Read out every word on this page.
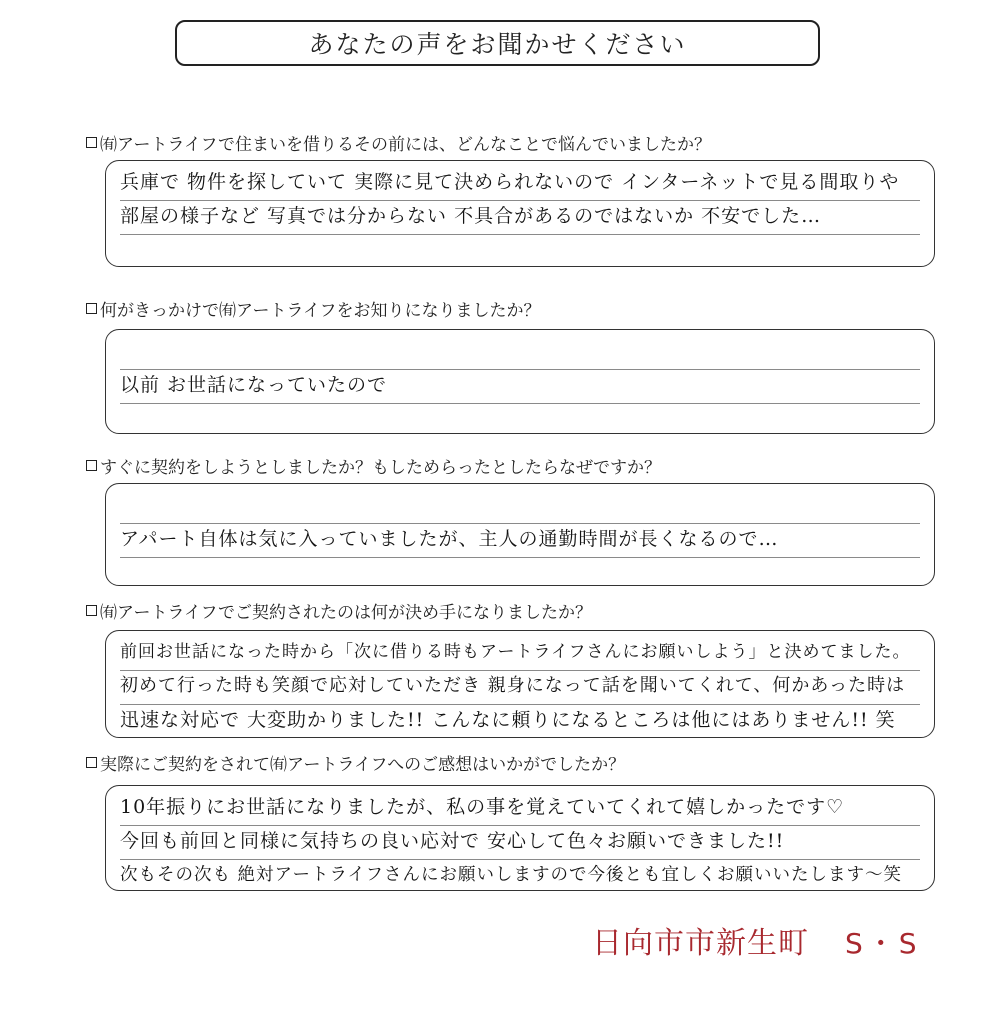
あなたの声をお聞かせください
㈲アートライフで住まいを借りるその前には、どんなことで悩んでいましたか？
兵庫で 物件を探していて 実際に見て決められないので インターネットで見る間取りや
部屋の様子など 写真では分からない 不具合があるのではないか 不安でした…
何がきっかけで㈲アートライフをお知りになりましたか？
以前 お世話になっていたので
すぐに契約をしようとしましたか？もしためらったとしたらなぜですか？
アパート自体は気に入っていましたが、主人の通勤時間が長くなるので…
㈲アートライフでご契約されたのは何が決め手になりましたか？
前回お世話になった時から「次に借りる時もアートライフさんにお願いしよう」と決めてました。
初めて行った時も笑顔で応対していただき 親身になって話を聞いてくれて、何かあった時は
迅速な対応で 大変助かりました!! こんなに頼りになるところは他にはありません!! 笑
実際にご契約をされて㈲アートライフへのご感想はいかがでしたか？
10年振りにお世話になりましたが、私の事を覚えていてくれて嬉しかったです♡
今回も前回と同様に気持ちの良い応対で 安心して色々お願いできました!!
次もその次も 絶対アートライフさんにお願いしますので今後とも宜しくお願いいたします〜笑
日向市市新生町 S・S
